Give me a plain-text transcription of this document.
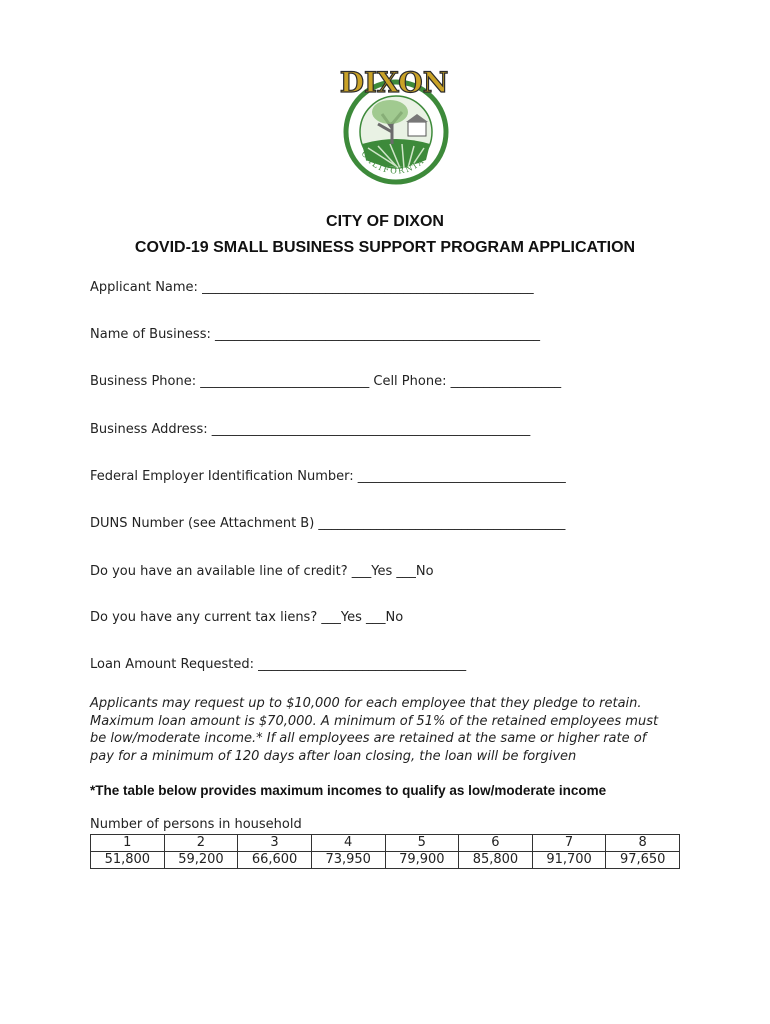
DIXON
CALIFORNIA
CITY OF DIXON
COVID-19 SMALL BUSINESS SUPPORT PROGRAM APPLICATION
Applicant Name: ___________________________________________________
Name of Business: __________________________________________________
Business Phone: __________________________ Cell Phone: _________________
Business Address: _________________________________________________
Federal Employer Identification Number: ________________________________
DUNS Number (see Attachment B) ______________________________________
Do you have an available line of credit? ___Yes ___No
Do you have any current tax liens? ___Yes ___No
Loan Amount Requested: ________________________________

Applicants may request up to $10,000 for each employee that they pledge to retain.
Maximum loan amount is $70,000. A minimum of 51% of the retained employees must
be low/moderate income.* If all employees are retained at the same or higher rate of
pay for a minimum of 120 days after loan closing, the loan will be forgiven

*The table below provides maximum incomes to qualify as low/moderate income
Number of persons in household
1	2	3	4	5	6	7	8
51,800	59,200	66,600	73,950	79,900	85,800	91,700	97,650
